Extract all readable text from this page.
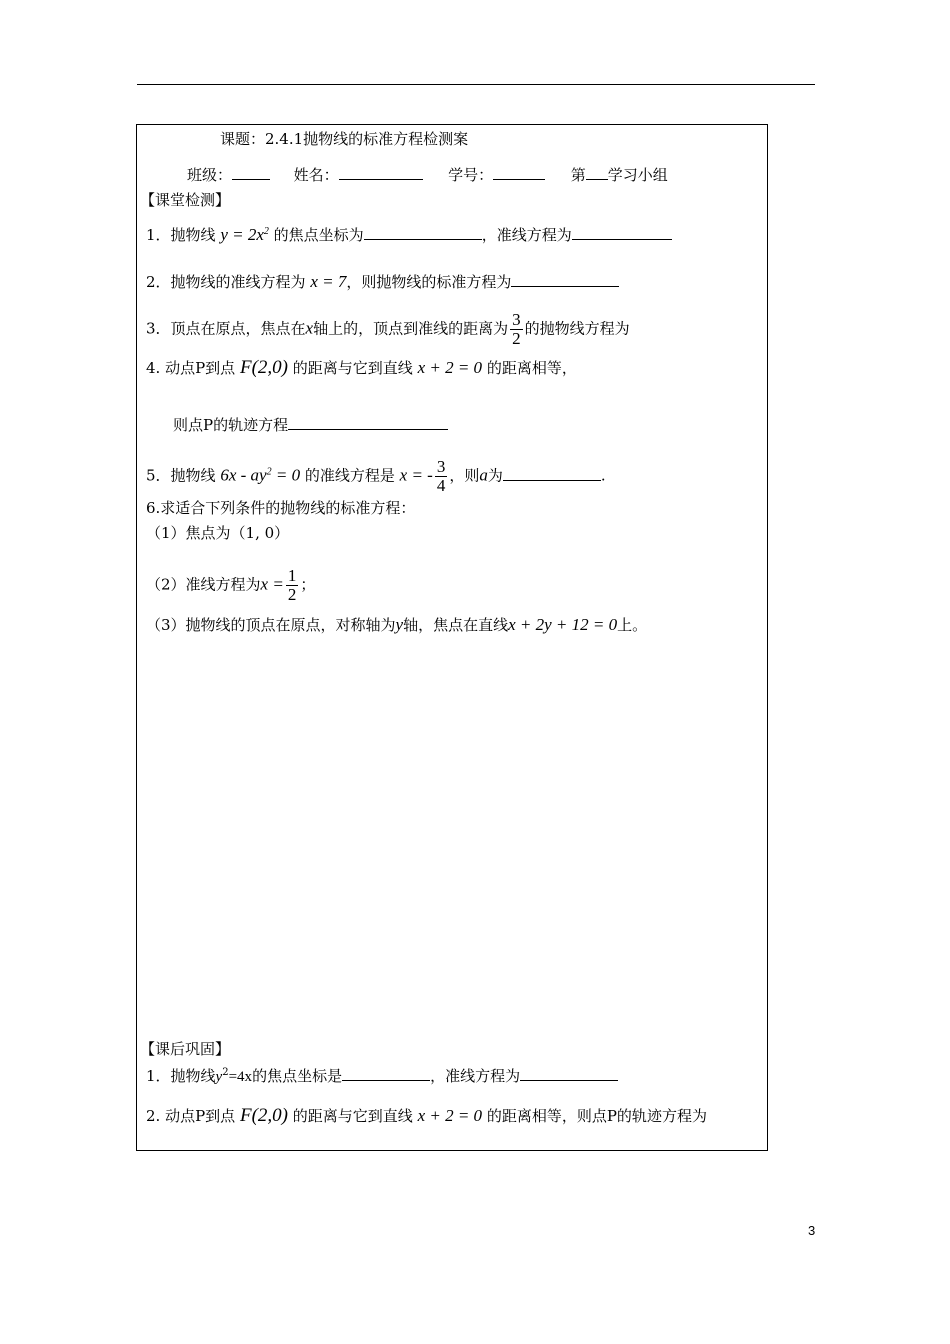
课题：2.4.1抛物线的标准方程检测案
班级：	姓名：	学号：	第 学习小组
【课堂检测】
1．抛物线 $y = 2x^2$ 的焦点坐标为	，准线方程为
2．抛物线的准线方程为 x = 7，则抛物线的标准方程为
3．顶点在原点，焦点在x轴上的，顶点到准线的距离为 $\frac{3}{2}$ 的抛物线方程为
4. 动点P到点 F(2,0) 的距离与它到直线 x + 2 = 0 的距离相等，
则点P的轨迹方程
5．抛物线 $6x - ay^2 = 0$ 的准线方程是 x = - $\frac{3}{4}$ ，则a为	.
6.求适合下列条件的抛物线的标准方程：
（1）焦点为（1, 0）
（2）准线方程为$x = \frac{1}{2}$ ；
（3）抛物线的顶点在原点，对称轴为y轴，焦点在直线x + 2y + 12 = 0上。
【课后巩固】
1．抛物线$y^2=4x$的焦点坐标是	，准线方程为
2. 动点P到点 F(2,0) 的距离与它到直线 x + 2 = 0 的距离相等，则点P的轨迹方程为
3
